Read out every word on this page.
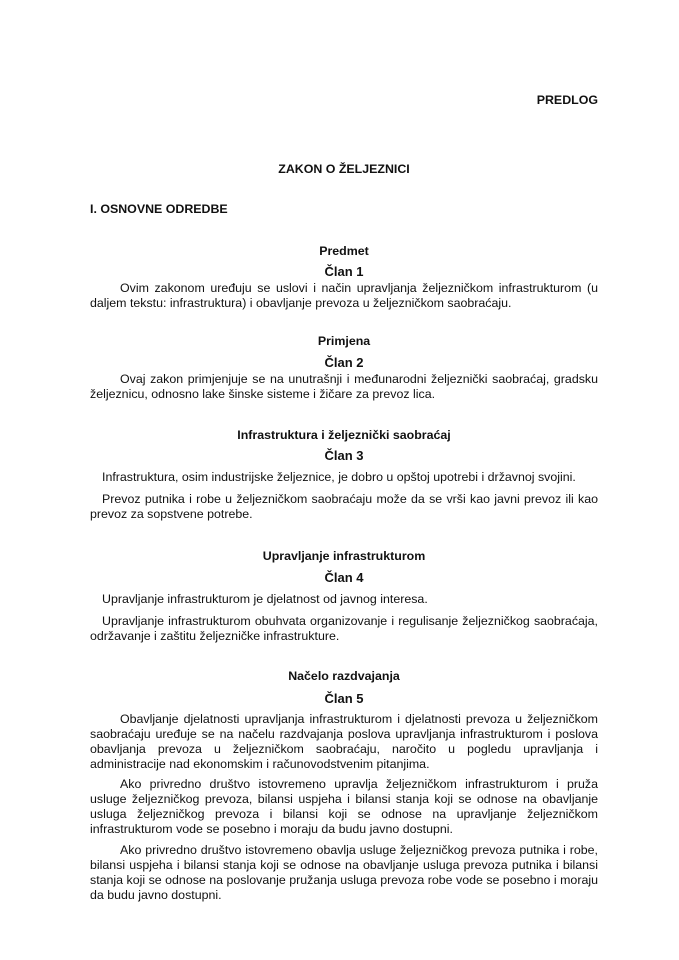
PREDLOG
ZAKON O ŽELJEZNICI
I. OSNOVNE ODREDBE
Predmet
Član 1
Ovim zakonom uređuju se uslovi i način upravljanja željezničkom infrastrukturom (u daljem tekstu: infrastruktura) i obavljanje prevoza u željezničkom saobraćaju.
Primjena
Član 2
Ovaj zakon primjenjuje se na unutrašnji i međunarodni željeznički saobraćaj, gradsku željeznicu, odnosno lake šinske sisteme i žičare za prevoz lica.
Infrastruktura i željeznički saobraćaj
Član 3
Infrastruktura, osim industrijske željeznice, je dobro u opštoj upotrebi i državnoj svojini.
Prevoz putnika i robe u željezničkom saobraćaju može da se vrši kao javni prevoz ili kao prevoz za sopstvene potrebe.
Upravljanje infrastrukturom
Član 4
Upravljanje infrastrukturom je djelatnost od javnog interesa.
Upravljanje infrastrukturom obuhvata organizovanje i regulisanje željezničkog saobraćaja, održavanje i zaštitu željezničke infrastrukture.
Načelo razdvajanja
Član 5
Obavljanje djelatnosti upravljanja infrastrukturom i djelatnosti prevoza u željezničkom saobraćaju uređuje se na načelu razdvajanja poslova upravljanja infrastrukturom i poslova obavljanja prevoza u željezničkom saobraćaju, naročito u pogledu upravljanja i administracije nad ekonomskim i računovodstvenim pitanjima.
Ako privredno društvo istovremeno upravlja željezničkom infrastrukturom i pruža usluge željezničkog prevoza, bilansi uspjeha i bilansi stanja koji se odnose na obavljanje usluga željezničkog prevoza i bilansi koji se odnose na upravljanje željezničkom infrastrukturom vode se posebno i moraju da budu javno dostupni.
Ako privredno društvo istovremeno obavlja usluge željezničkog prevoza putnika i robe, bilansi uspjeha i bilansi stanja koji se odnose na obavljanje usluga prevoza putnika i bilansi stanja koji se odnose na poslovanje pružanja usluga prevoza robe vode se posebno i moraju da budu javno dostupni.
